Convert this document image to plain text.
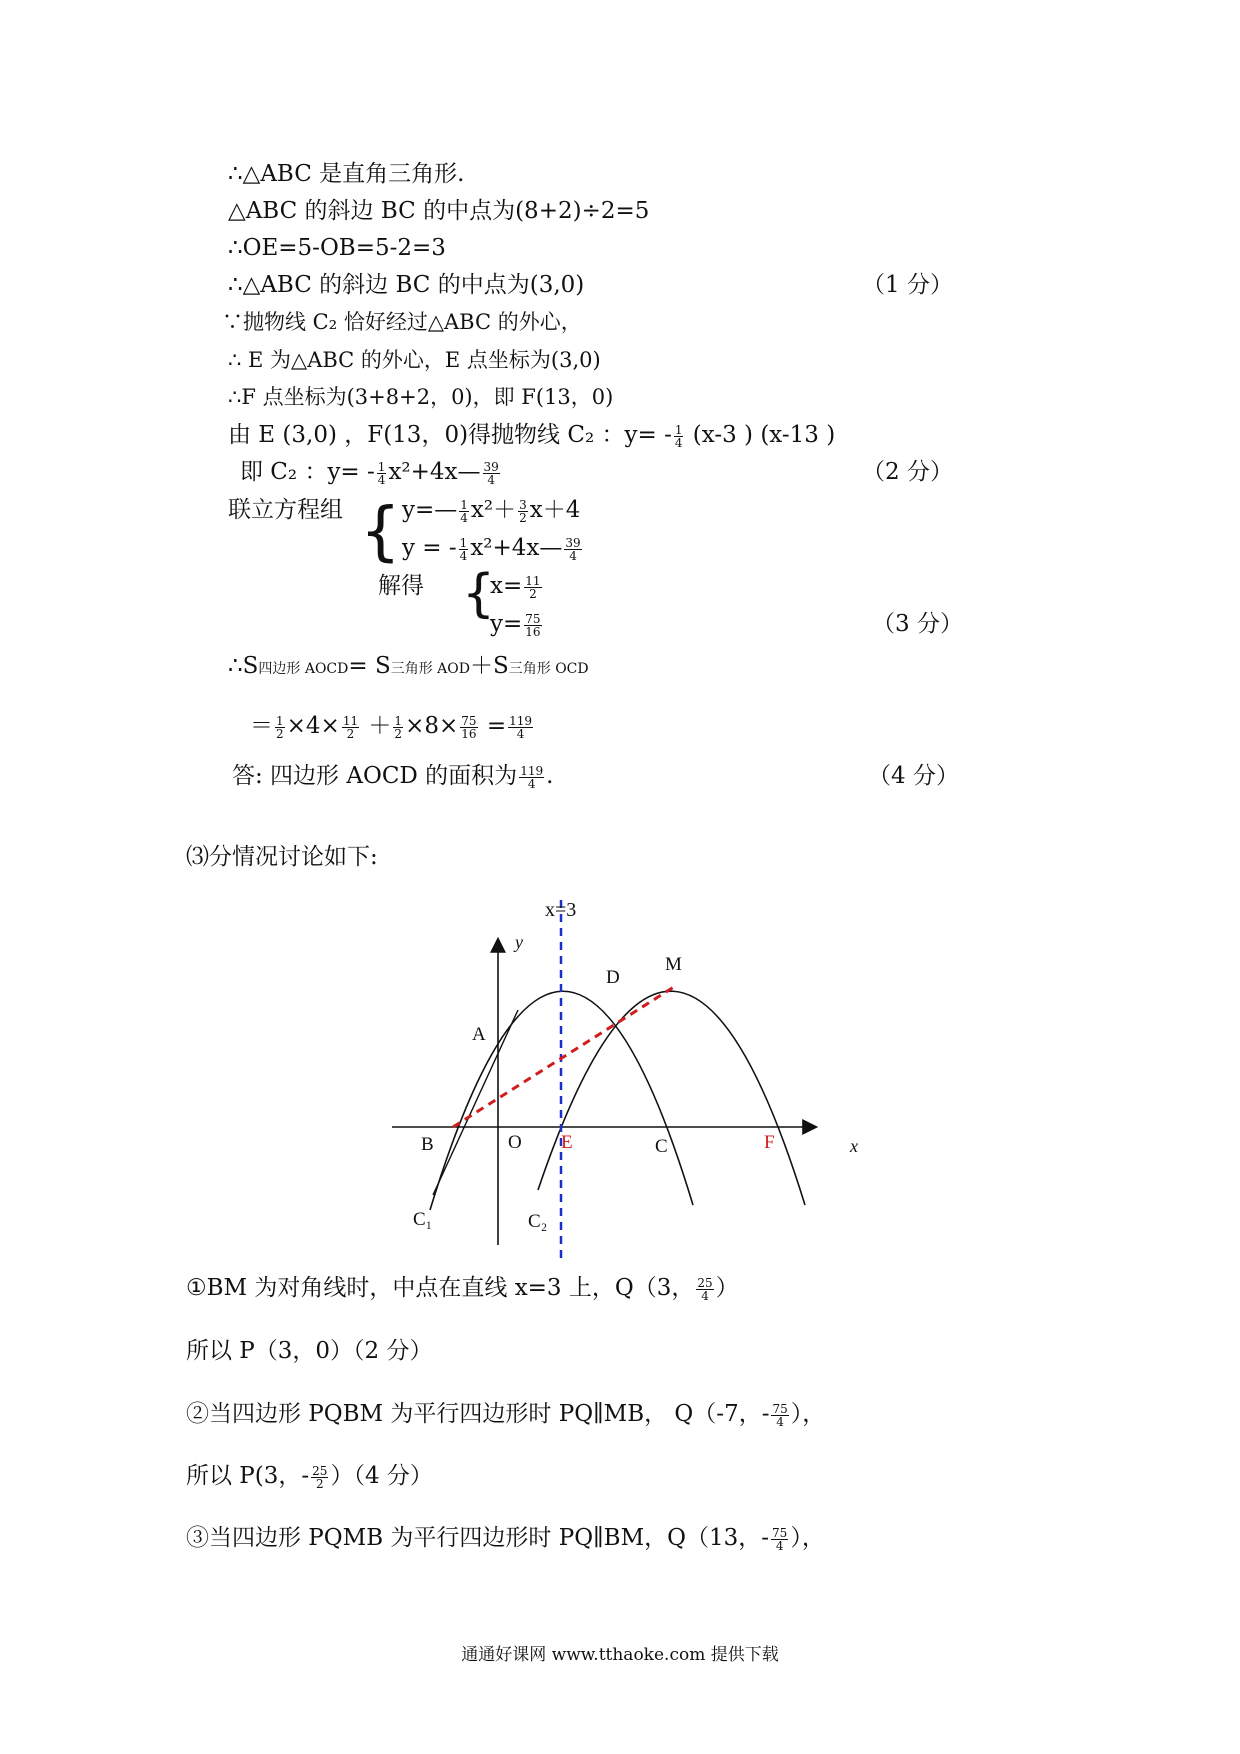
∴△ABC 是直角三角形.
△ABC 的斜边 BC 的中点为(8+2)÷2=5
∴OE=5-OB=5-2=3
∴△ABC 的斜边 BC 的中点为(3,0)	（1 分）
∵抛物线 C₂ 恰好经过△ABC 的外心，
∴ E 为△ABC 的外心，E 点坐标为(3,0)
∴F 点坐标为(3+8+2，0)，即 F(13，0)
由 E (3,0) ，F(13，0)得抛物线 C₂ ：$y= - \frac{1}{4} (x-3$ ) (x-13 )
即 C₂ ：$y= - \frac{1}{4}$ x²+4x— $\frac{39}{4}$	（2 分）
联立方程组 { y=— $\frac{1}{4} x^2+ \frac{3}{2} x+4$
y = - $\frac{1}{4}$ x²+4x— $\frac{39}{4}$
解得 {
$x= \frac{11}{2}$
$y= \frac{75}{16}$	（3 分）
∴S四边形 AOCD= S三角形 AOD＋S三角形 OCD
＝ $\frac{1}{2} \times 4\times \frac{11}{2} + \frac{1}{2} \times 8\times \frac{75}{16} = \frac{119}{4}$
答: 四边形 AOCD 的面积为 $\frac{119}{4}$ .	（4 分）
⑶分情况讨论如下:
x=3
y
x
A
B	O E	C	F
D
M
C₁	C₂
①BM 为对角线时，中点在直线 x=3 上，Q（3， $\frac{25}{4}$ ）
所以 P（3，0）（2 分）
②当四边形 PQBM 为平行四边形时 PQ∥MB， Q（-7，- $\frac{75}{4}$ ），
所以 P(3，- $\frac{25}{2} )(4$ 分）
③当四边形 PQMB 为平行四边形时 PQ∥BM，Q（13，- $\frac{75}{4}$ ），
通通好课网 www.tthaoke.com 提供下载
